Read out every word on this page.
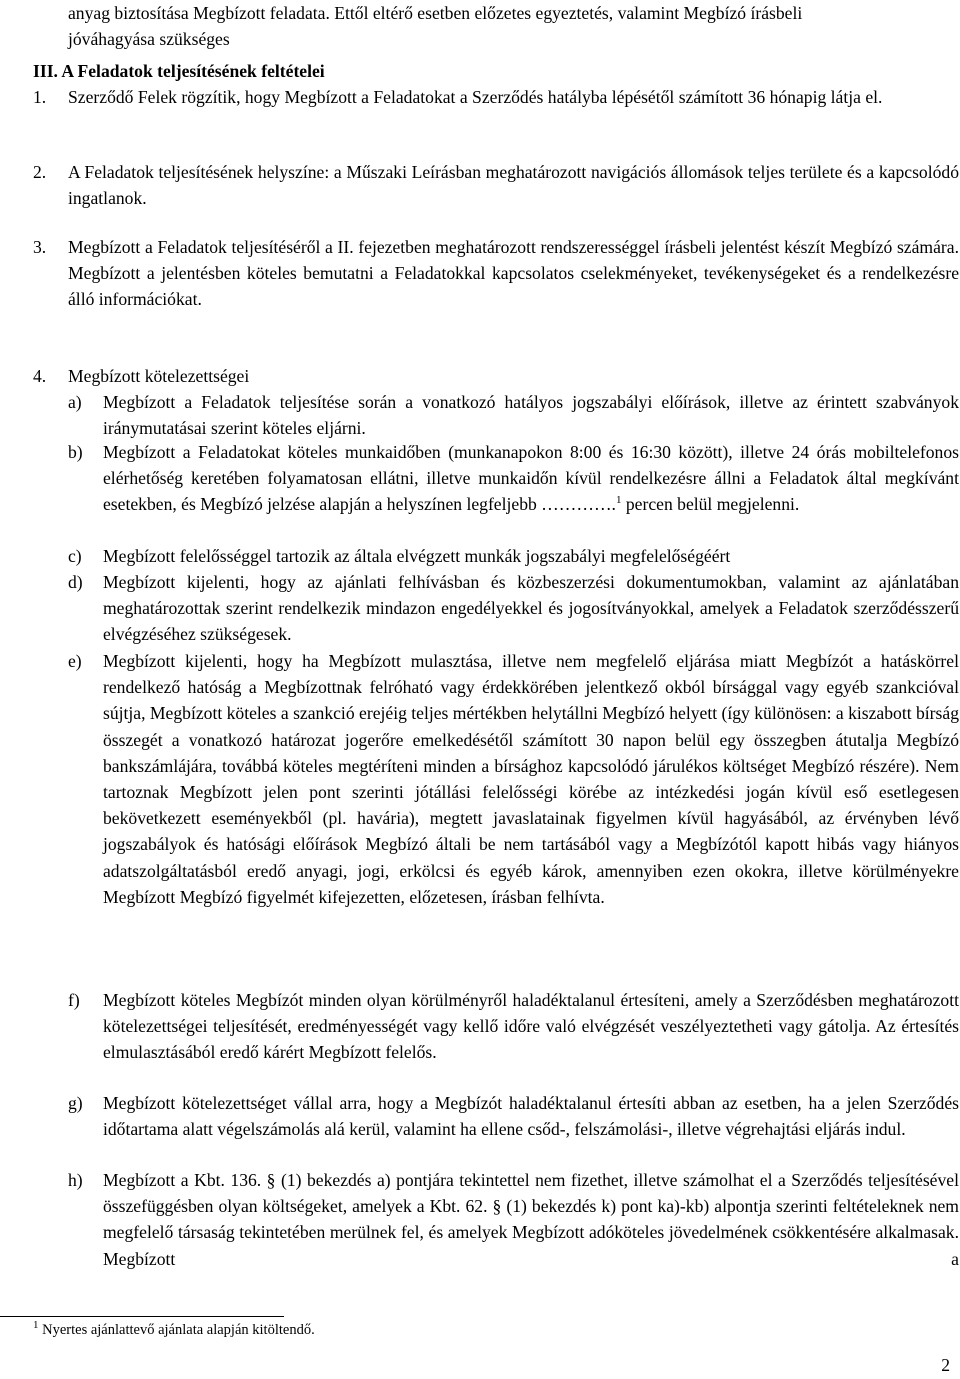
anyag biztosítása Megbízott feladata. Ettől eltérő esetben előzetes egyeztetés, valamint Megbízó írásbeli jóváhagyása szükséges

III. A Feladatok teljesítésének feltételei

1. Szerződő Felek rögzítik, hogy Megbízott a Feladatokat a Szerződés hatályba lépésétől számított 36 hónapig látja el.

2. A Feladatok teljesítésének helyszíne: a Műszaki Leírásban meghatározott navigációs állomások teljes területe és a kapcsolódó ingatlanok.

3. Megbízott a Feladatok teljesítéséről a II. fejezetben meghatározott rendszerességgel írásbeli jelentést készít Megbízó számára. Megbízott a jelentésben köteles bemutatni a Feladatokkal kapcsolatos cselekményeket, tevékenységeket és a rendelkezésre álló információkat.

4. Megbízott kötelezettségei

a) Megbízott a Feladatok teljesítése során a vonatkozó hatályos jogszabályi előírások, illetve az érintett szabványok iránymutatásai szerint köteles eljárni.

b) Megbízott a Feladatokat köteles munkaidőben (munkanapokon 8:00 és 16:30 között), illetve 24 órás mobiltelefonos elérhetőség keretében folyamatosan ellátni, illetve munkaidőn kívül rendelkezésre állni a Feladatok által megkívánt esetekben, és Megbízó jelzése alapján a helyszínen legfeljebb ………….$^1$ percen belül megjelenni.

c) Megbízott felelősséggel tartozik az általa elvégzett munkák jogszabályi megfelelőségéért

d) Megbízott kijelenti, hogy az ajánlati felhívásban és közbeszerzési dokumentumokban, valamint az ajánlatában meghatározottak szerint rendelkezik mindazon engedélyekkel és jogosítványokkal, amelyek a Feladatok szerződésszerű elvégzéséhez szükségesek.

e) Megbízott kijelenti, hogy ha Megbízott mulasztása, illetve nem megfelelő eljárása miatt Megbízót a hatáskörrel rendelkező hatóság a Megbízottnak felróható vagy érdekkörében jelentkező okból bírsággal vagy egyéb szankcióval sújtja, Megbízott köteles a szankció erejéig teljes mértékben helytállni Megbízó helyett (így különösen: a kiszabott bírság összegét a vonatkozó határozat jogerőre emelkedésétől számított 30 napon belül egy összegben átutalja Megbízó bankszámlájára, továbbá köteles megtéríteni minden a bírsághoz kapcsolódó járulékos költséget Megbízó részére). Nem tartoznak Megbízott jelen pont szerinti jótállási felelősségi körébe az intézkedési jogán kívül eső esetlegesen bekövetkezett eseményekből (pl. havária), megtett javaslatainak figyelmen kívül hagyásából, az érvényben lévő jogszabályok és hatósági előírások Megbízó általi be nem tartásából vagy a Megbízótól kapott hibás vagy hiányos adatszolgáltatásból eredő anyagi, jogi, erkölcsi és egyéb károk, amennyiben ezen okokra, illetve körülményekre Megbízott Megbízó figyelmét kifejezetten, előzetesen, írásban felhívta.

f) Megbízott köteles Megbízót minden olyan körülményről haladéktalanul értesíteni, amely a Szerződésben meghatározott kötelezettségei teljesítését, eredményességét vagy kellő időre való elvégzését veszélyeztetheti vagy gátolja. Az értesítés elmulasztásából eredő kárért Megbízott felelős.

g) Megbízott kötelezettséget vállal arra, hogy a Megbízót haladéktalanul értesíti abban az esetben, ha a jelen Szerződés időtartama alatt végelszámolás alá kerül, valamint ha ellene csőd-, felszámolási-, illetve végrehajtási eljárás indul.

h) Megbízott a Kbt. 136. § (1) bekezdés a) pontjára tekintettel nem fizethet, illetve számolhat el a Szerződés teljesítésével összefüggésben olyan költségeket, amelyek a Kbt. 62. § (1) bekezdés k) pont ka)-kb) alpontja szerinti feltételeknek nem megfelelő társaság tekintetében merülnek fel, és amelyek Megbízott adóköteles jövedelmének csökkentésére alkalmasak. Megbízott a

$^1$ Nyertes ajánlattevő ajánlata alapján kitöltendő.

2
